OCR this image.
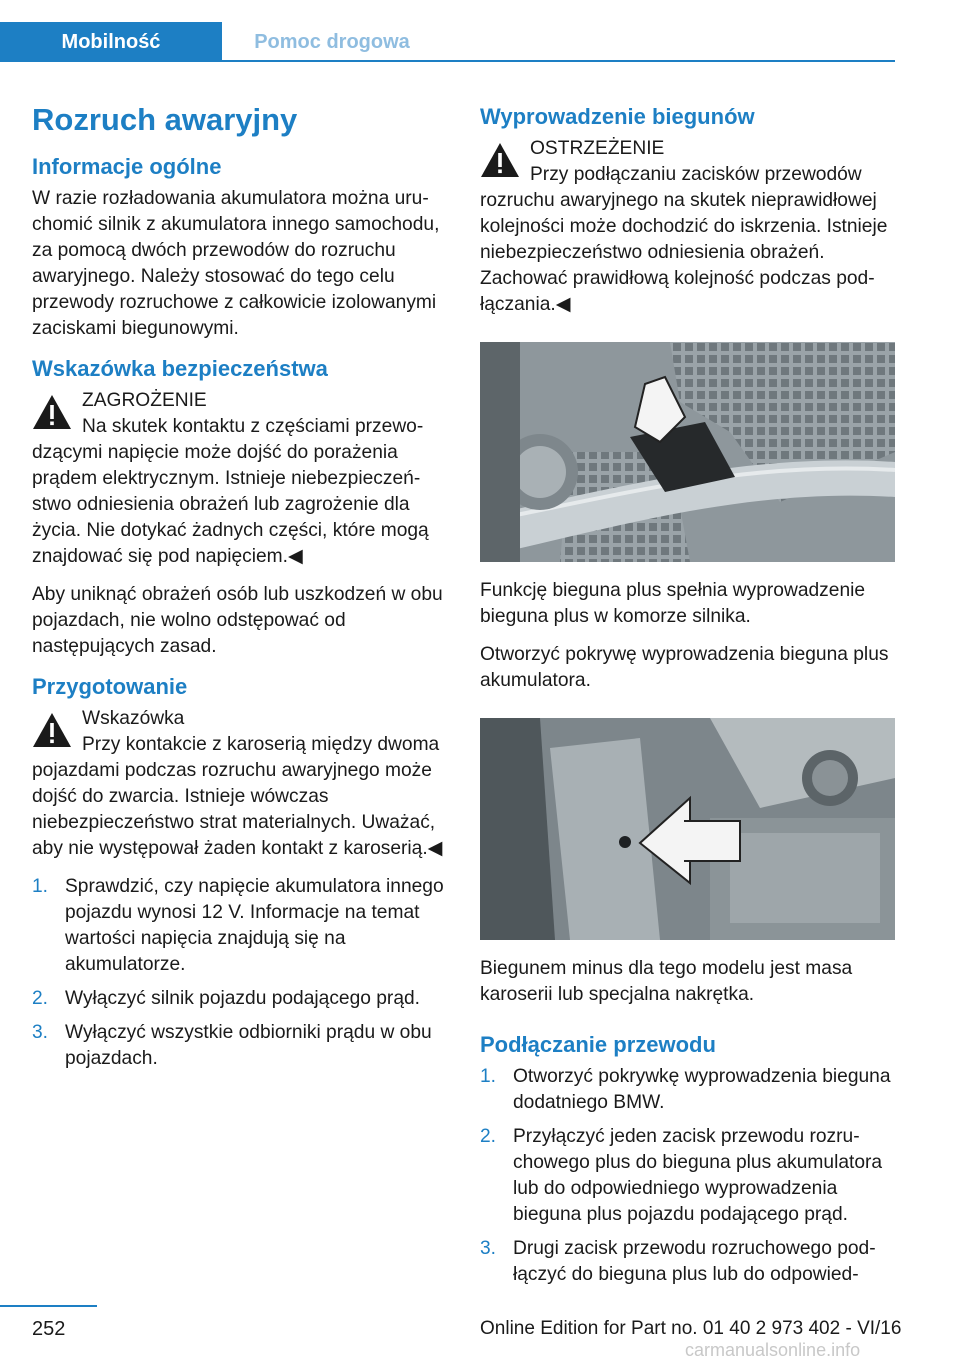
Mobilność	Pomoc drogowa
Rozruch awaryjny
Informacje ogólne

W razie rozładowania akumulatora można uruchomić silnik z akumulatora innego samochodu, za pomocą dwóch przewodów do rozruchu awaryjnego. Należy stosować do tego celu przewody rozruchowe z całkowicie izolowanymi zaciskami biegunowymi.

Wskazówka bezpieczeństwa
ZAGROŻENIE
Na skutek kontaktu z częściami przewodzącymi napięcie może dojść do porażenia prądem elektrycznym. Istnieje niebezpieczeństwo odniesienia obrażeń lub zagrożenie dla życia. Nie dotykać żadnych części, które mogą znajdować się pod napięciem.◀

Aby uniknąć obrażeń osób lub uszkodzeń w obu pojazdach, nie wolno odstępować od następujących zasad.

Przygotowanie
Wskazówka
Przy kontakcie z karoserią między dwoma pojazdami podczas rozruchu awaryjnego może dojść do zwarcia. Istnieje wówczas niebezpieczeństwo strat materialnych. Uważać, aby nie występował żaden kontakt z karoserią.◀
1. Sprawdzić, czy napięcie akumulatora innego pojazdu wynosi 12 V. Informacje na temat wartości napięcia znajdują się na akumulatorze.
2. Wyłączyć silnik pojazdu podającego prąd.
3. Wyłączyć wszystkie odbiorniki prądu w obu pojazdach.
Wyprowadzenie biegunów
OSTRZEŻENIE
Przy podłączaniu zacisków przewodów rozruchu awaryjnego na skutek nieprawidłowej kolejności może dochodzić do iskrzenia. Istnieje niebezpieczeństwo odniesienia obrażeń. Zachować prawidłową kolejność podczas podłączania.◀

Funkcję bieguna plus spełnia wyprowadzenie bieguna plus w komorze silnika.

Otworzyć pokrywę wyprowadzenia bieguna plus akumulatora.

Biegunem minus dla tego modelu jest masa karoserii lub specjalna nakrętka.

Podłączanie przewodu
1. Otworzyć pokrywkę wyprowadzenia bieguna dodatniego BMW.
2. Przyłączyć jeden zacisk przewodu rozruchowego plus do bieguna plus akumulatora lub do odpowiedniego wyprowadzenia bieguna plus pojazdu podającego prąd.
3. Drugi zacisk przewodu rozruchowego podłączyć do bieguna plus lub do odpowied-
252	Online Edition for Part no. 01 40 2 973 402 - VI/16
carmanualsonline.info
